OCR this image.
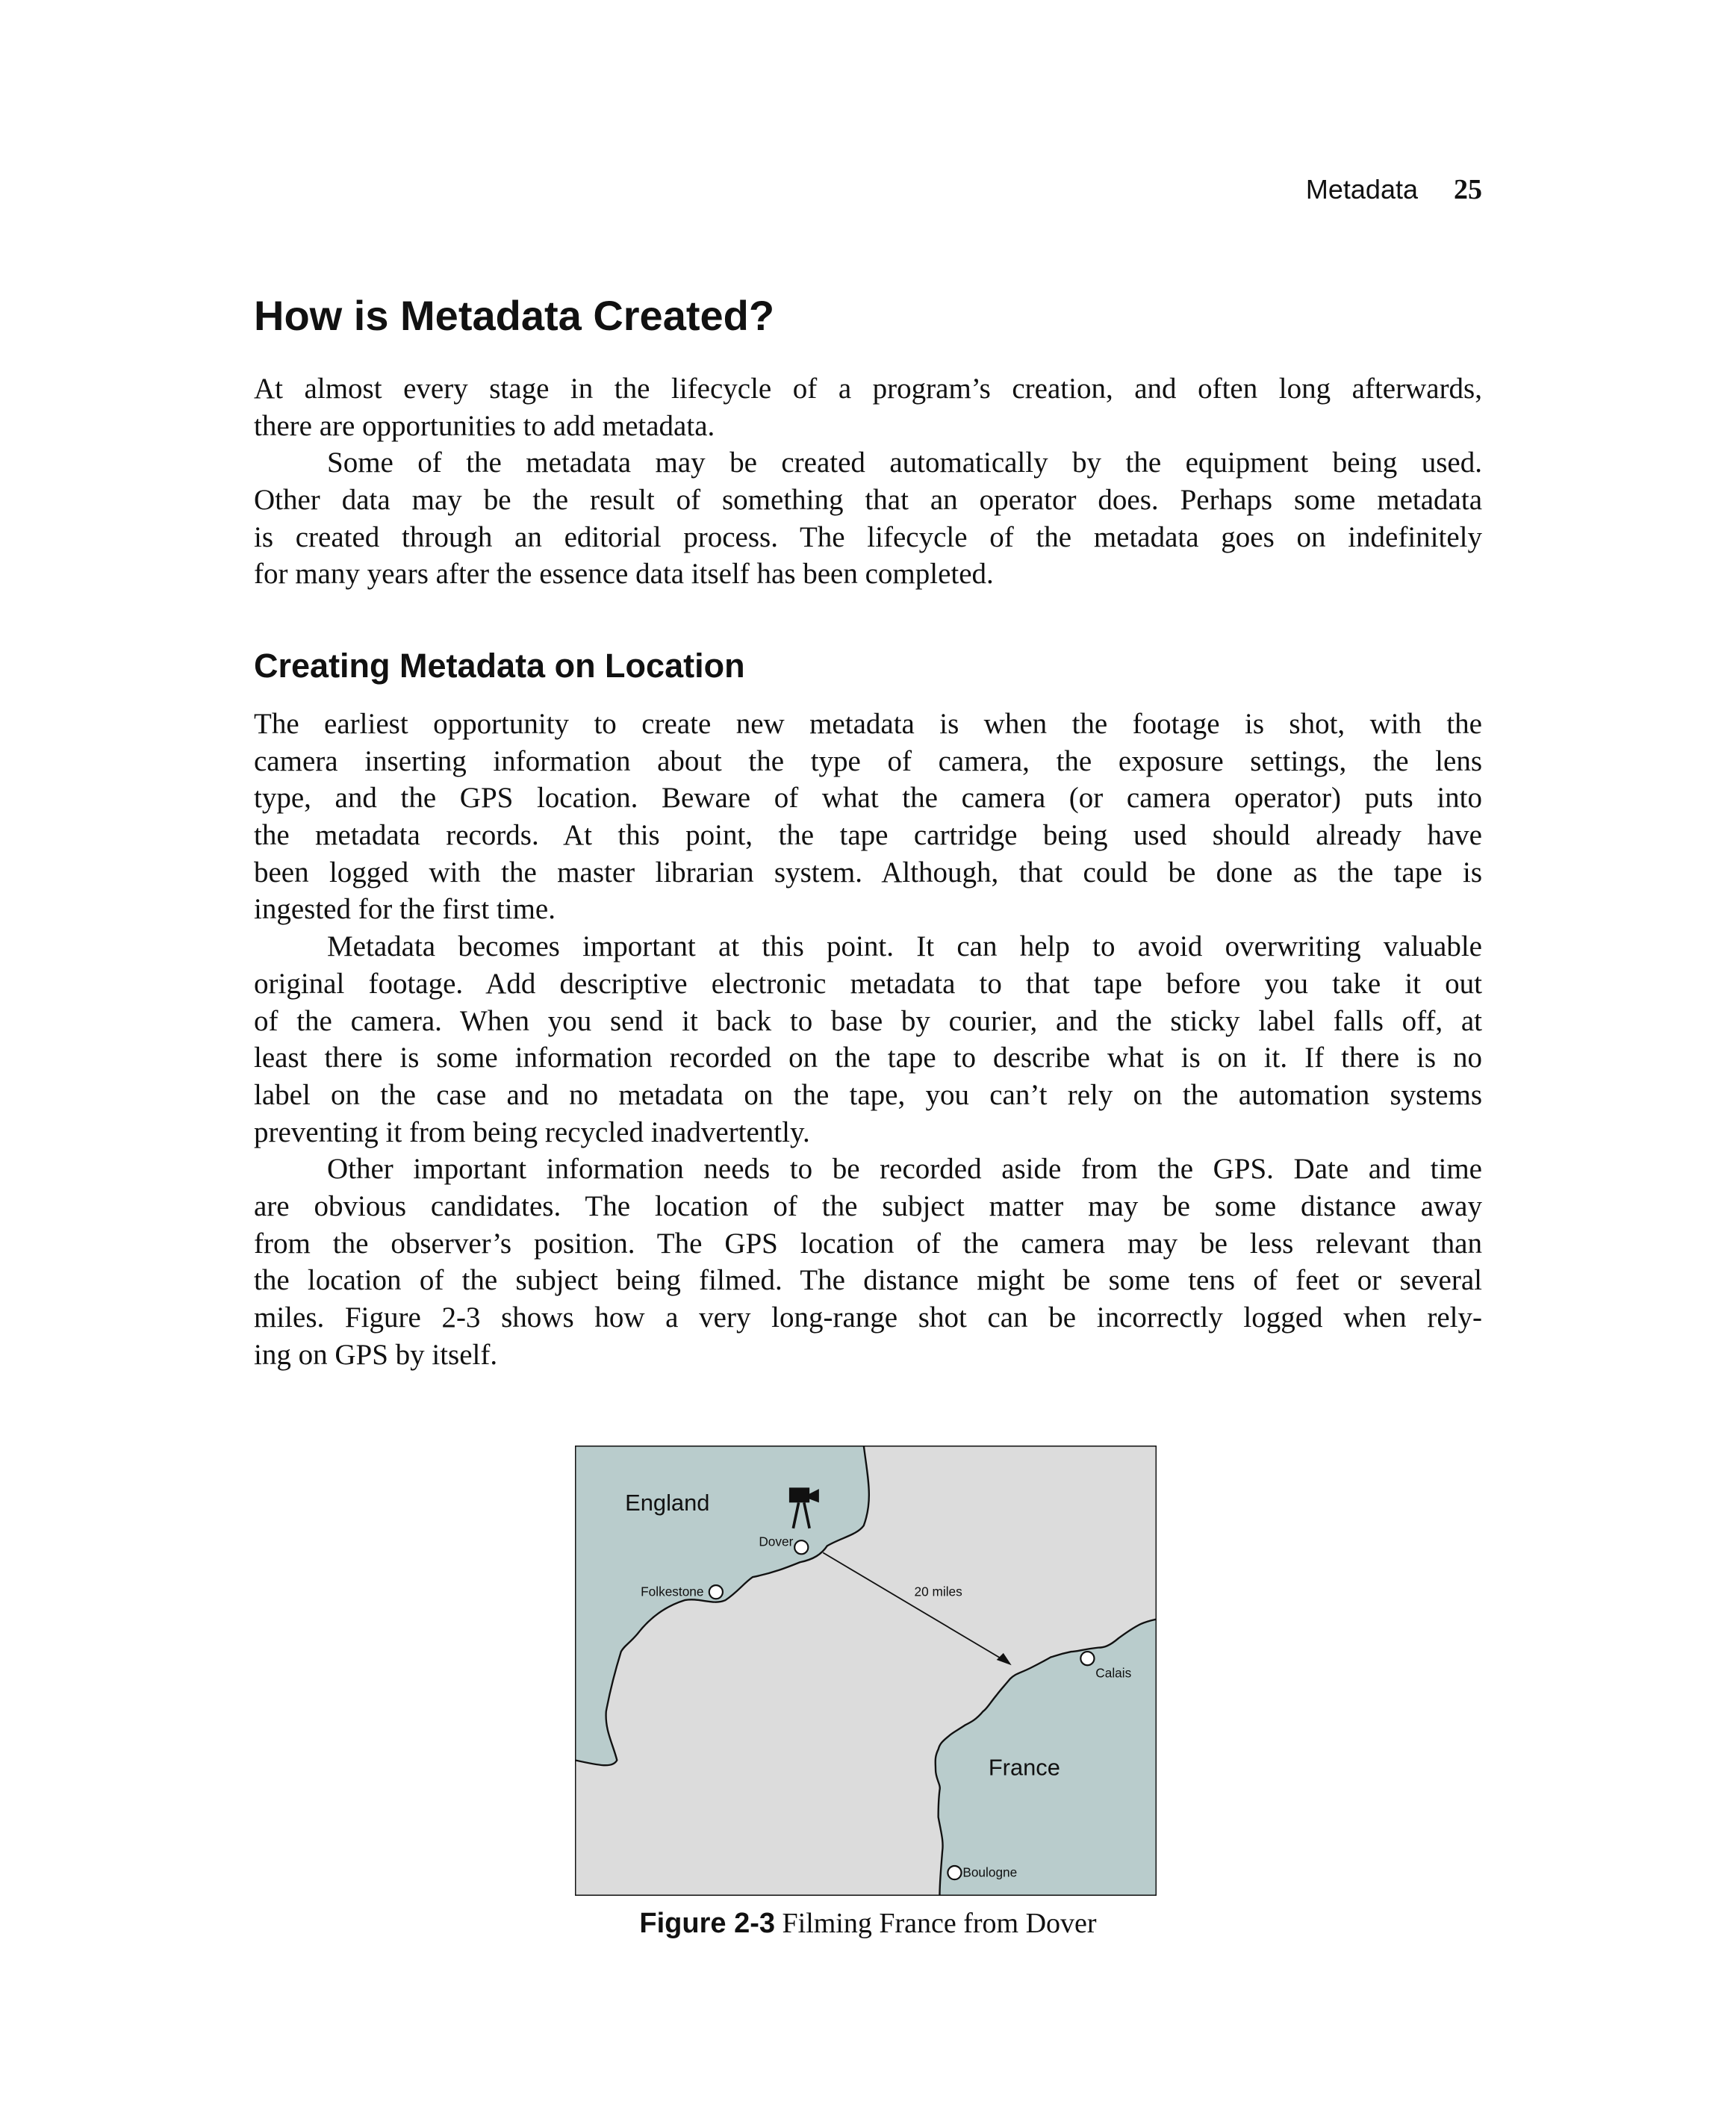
Metadata 25
How is Metadata Created?
At almost every stage in the lifecycle of a program’s creation, and often long afterwards,
there are opportunities to add metadata.
Some of the metadata may be created automatically by the equipment being used.
Other data may be the result of something that an operator does. Perhaps some metadata
is created through an editorial process. The lifecycle of the metadata goes on indefinitely
for many years after the essence data itself has been completed.
Creating Metadata on Location
The earliest opportunity to create new metadata is when the footage is shot, with the
camera inserting information about the type of camera, the exposure settings, the lens
type, and the GPS location. Beware of what the camera (or camera operator) puts into
the metadata records. At this point, the tape cartridge being used should already have
been logged with the master librarian system. Although, that could be done as the tape is
ingested for the first time.
Metadata becomes important at this point. It can help to avoid overwriting valuable
original footage. Add descriptive electronic metadata to that tape before you take it out
of the camera. When you send it back to base by courier, and the sticky label falls off, at
least there is some information recorded on the tape to describe what is on it. If there is no
label on the case and no metadata on the tape, you can’t rely on the automation systems
preventing it from being recycled inadvertently.
Other important information needs to be recorded aside from the GPS. Date and time
are obvious candidates. The location of the subject matter may be some distance away
from the observer’s position. The GPS location of the camera may be less relevant than
the location of the subject being filmed. The distance might be some tens of feet or several
miles. Figure 2-3 shows how a very long-range shot can be incorrectly logged when rely-
ing on GPS by itself.
England
France
Dover
Folkestone
Calais
Boulogne
20 miles
Figure 2-3 Filming France from Dover
